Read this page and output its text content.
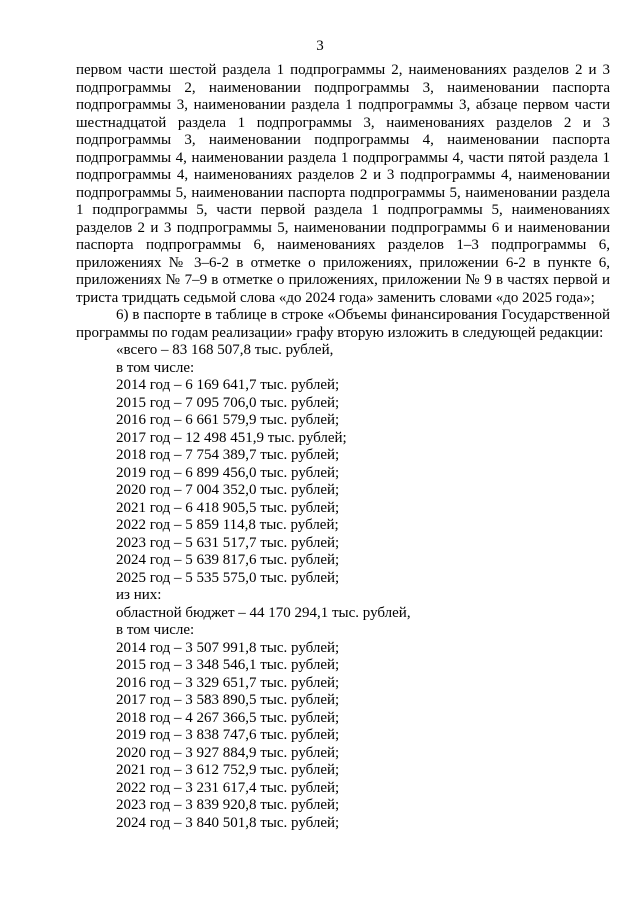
3

первом части шестой раздела 1 подпрограммы 2, наименованиях разделов 2 и 3 подпрограммы 2, наименовании подпрограммы 3, наименовании паспорта подпрограммы 3, наименовании раздела 1 подпрограммы 3, абзаце первом части шестнадцатой раздела 1 подпрограммы 3, наименованиях разделов 2 и 3 подпрограммы 3, наименовании подпрограммы 4, наименовании паспорта подпрограммы 4, наименовании раздела 1 подпрограммы 4, части пятой раздела 1 подпрограммы 4, наименованиях разделов 2 и 3 подпрограммы 4, наименовании подпрограммы 5, наименовании паспорта подпрограммы 5, наименовании раздела 1 подпрограммы 5, части первой раздела 1 подпрограммы 5, наименованиях разделов 2 и 3 подпрограммы 5, наименовании подпрограммы 6 и наименовании паспорта подпрограммы 6, наименованиях разделов 1–3 подпрограммы 6, приложениях № 3–6-2 в отметке о приложениях, приложении 6-2 в пункте 6, приложениях № 7–9 в отметке о приложениях, приложении № 9 в частях первой и триста тридцать седьмой слова «до 2024 года» заменить словами «до 2025 года»;

6) в паспорте в таблице в строке «Объемы финансирования Государственной программы по годам реализации» графу вторую изложить в следующей редакции:

«всего – 83 168 507,8 тыс. рублей,
в том числе:
2014 год – 6 169 641,7 тыс. рублей;
2015 год – 7 095 706,0 тыс. рублей;
2016 год – 6 661 579,9 тыс. рублей;
2017 год – 12 498 451,9 тыс. рублей;
2018 год – 7 754 389,7 тыс. рублей;
2019 год – 6 899 456,0 тыс. рублей;
2020 год – 7 004 352,0 тыс. рублей;
2021 год – 6 418 905,5 тыс. рублей;
2022 год – 5 859 114,8 тыс. рублей;
2023 год – 5 631 517,7 тыс. рублей;
2024 год – 5 639 817,6 тыс. рублей;
2025 год – 5 535 575,0 тыс. рублей;
из них:
областной бюджет – 44 170 294,1 тыс. рублей,
в том числе:
2014 год – 3 507 991,8 тыс. рублей;
2015 год – 3 348 546,1 тыс. рублей;
2016 год – 3 329 651,7 тыс. рублей;
2017 год – 3 583 890,5 тыс. рублей;
2018 год – 4 267 366,5 тыс. рублей;
2019 год – 3 838 747,6 тыс. рублей;
2020 год – 3 927 884,9 тыс. рублей;
2021 год – 3 612 752,9 тыс. рублей;
2022 год – 3 231 617,4 тыс. рублей;
2023 год – 3 839 920,8 тыс. рублей;
2024 год – 3 840 501,8 тыс. рублей;
